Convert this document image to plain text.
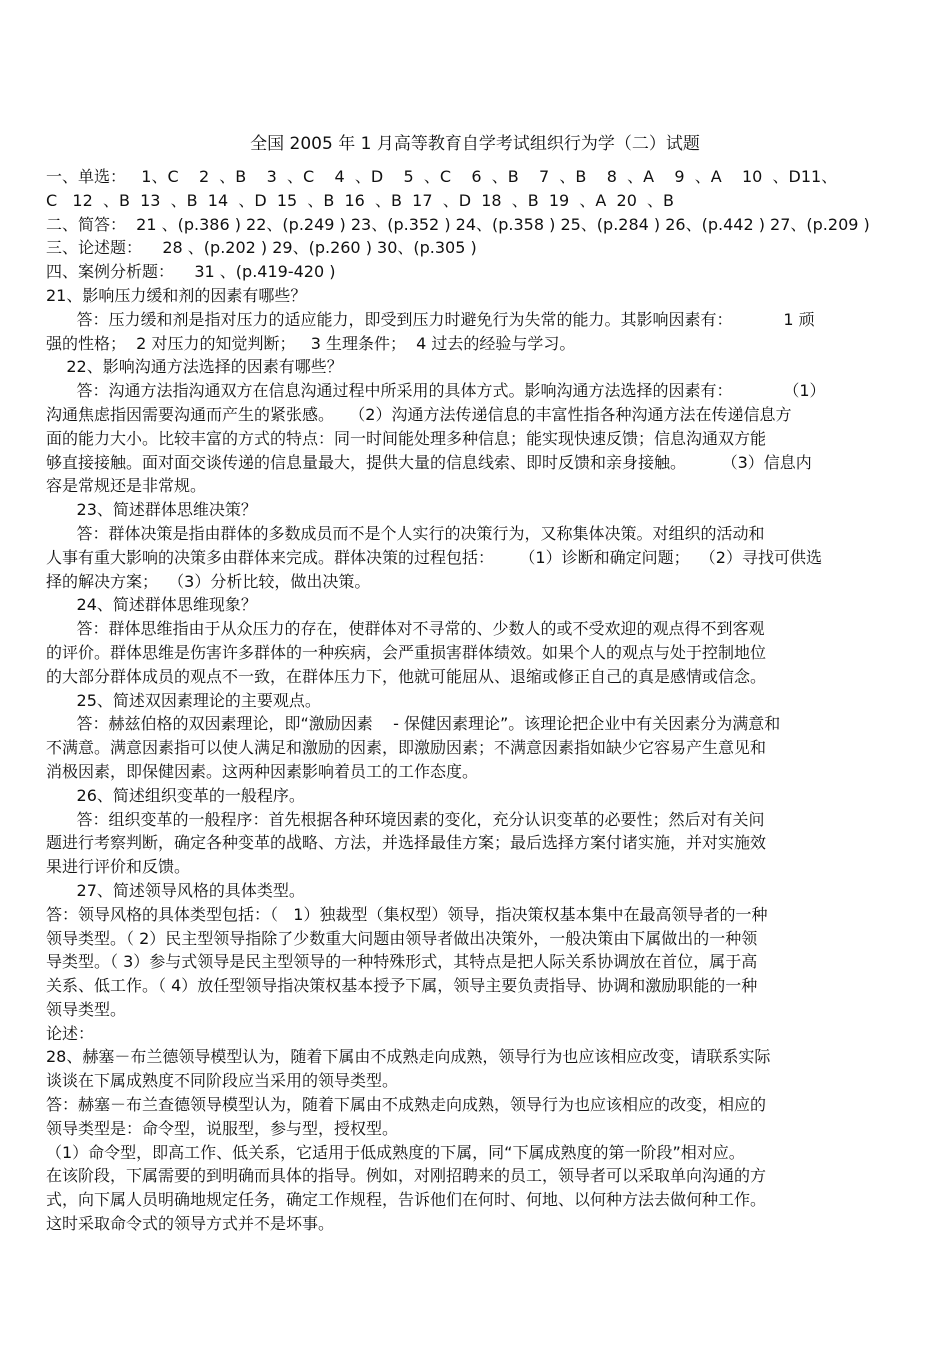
全国 2005 年 1 月高等教育自学考试组织行为学（二）试题
一、单选：   1、C    2  、B    3  、C    4  、D    5  、C    6  、B    7  、B    8  、A    9  、A    10  、D11、
C   12  、B  13  、B  14  、D  15  、B  16  、B  17  、D  18  、B  19  、A  20  、B
二、简答：  21 、(p.386 ) 22、(p.249 ) 23、(p.352 ) 24、(p.358 ) 25、(p.284 ) 26、(p.442 ) 27、(p.209 )
三、论述题：    28 、(p.202 ) 29、(p.260 ) 30、(p.305 )
四、案例分析题：    31 、(p.419-420 )
21、影响压力缓和剂的因素有哪些？
答：压力缓和剂是指对压力的适应能力，即受到压力时避免行为失常的能力。其影响因素有：          1 顽
强的性格；  2 对压力的知觉判断；   3 生理条件；  4 过去的经验与学习。
22、影响沟通方法选择的因素有哪些？
答：沟通方法指沟通双方在信息沟通过程中所采用的具体方式。影响沟通方法选择的因素有：          （1）
沟通焦虑指因需要沟通而产生的紧张感。   （2）沟通方法传递信息的丰富性指各种沟通方法在传递信息方
面的能力大小。比较丰富的方式的特点：同一时间能处理多种信息；能实现快速反馈；信息沟通双方能
够直接接触。面对面交谈传递的信息量最大，提供大量的信息线索、即时反馈和亲身接触。       （3）信息内
容是常规还是非常规。
23、简述群体思维决策？
答：群体决策是指由群体的多数成员而不是个人实行的决策行为，又称集体决策。对组织的活动和
人事有重大影响的决策多由群体来完成。群体决策的过程包括：     （1）诊断和确定问题；  （2）寻找可供选
择的解决方案；  （3）分析比较，做出决策。
24、简述群体思维现象？
答：群体思维指由于从众压力的存在，使群体对不寻常的、少数人的或不受欢迎的观点得不到客观
的评价。群体思维是伤害许多群体的一种疾病，会严重损害群体绩效。如果个人的观点与处于控制地位
的大部分群体成员的观点不一致，在群体压力下，他就可能屈从、退缩或修正自己的真是感情或信念。
25、简述双因素理论的主要观点。
答：赫兹伯格的双因素理论，即“激励因素    - 保健因素理论”。该理论把企业中有关因素分为满意和
不满意。满意因素指可以使人满足和激励的因素，即激励因素；不满意因素指如缺少它容易产生意见和
消极因素，即保健因素。这两种因素影响着员工的工作态度。
26、简述组织变革的一般程序。
答：组织变革的一般程序：首先根据各种环境因素的变化，充分认识变革的必要性；然后对有关问
题进行考察判断，确定各种变革的战略、方法，并选择最佳方案；最后选择方案付诸实施，并对实施效
果进行评价和反馈。
27、简述领导风格的具体类型。
答：领导风格的具体类型包括：（   1）独裁型（集权型）领导，指决策权基本集中在最高领导者的一种
领导类型。（ 2）民主型领导指除了少数重大问题由领导者做出决策外，一般决策由下属做出的一种领
导类型。（ 3）参与式领导是民主型领导的一种特殊形式，其特点是把人际关系协调放在首位，属于高
关系、低工作。（ 4）放任型领导指决策权基本授予下属，领导主要负责指导、协调和激励职能的一种
领导类型。
论述：
28、赫塞－布兰德领导模型认为，随着下属由不成熟走向成熟，领导行为也应该相应改变，请联系实际
谈谈在下属成熟度不同阶段应当采用的领导类型。
答：赫塞－布兰查德领导模型认为，随着下属由不成熟走向成熟，领导行为也应该相应的改变，相应的
领导类型是：命令型，说服型，参与型，授权型。
（1）命令型，即高工作、低关系，它适用于低成熟度的下属，同“下属成熟度的第一阶段”相对应。
在该阶段，下属需要的到明确而具体的指导。例如，对刚招聘来的员工，领导者可以采取单向沟通的方
式，向下属人员明确地规定任务，确定工作规程，告诉他们在何时、何地、以何种方法去做何种工作。
这时采取命令式的领导方式并不是坏事。
